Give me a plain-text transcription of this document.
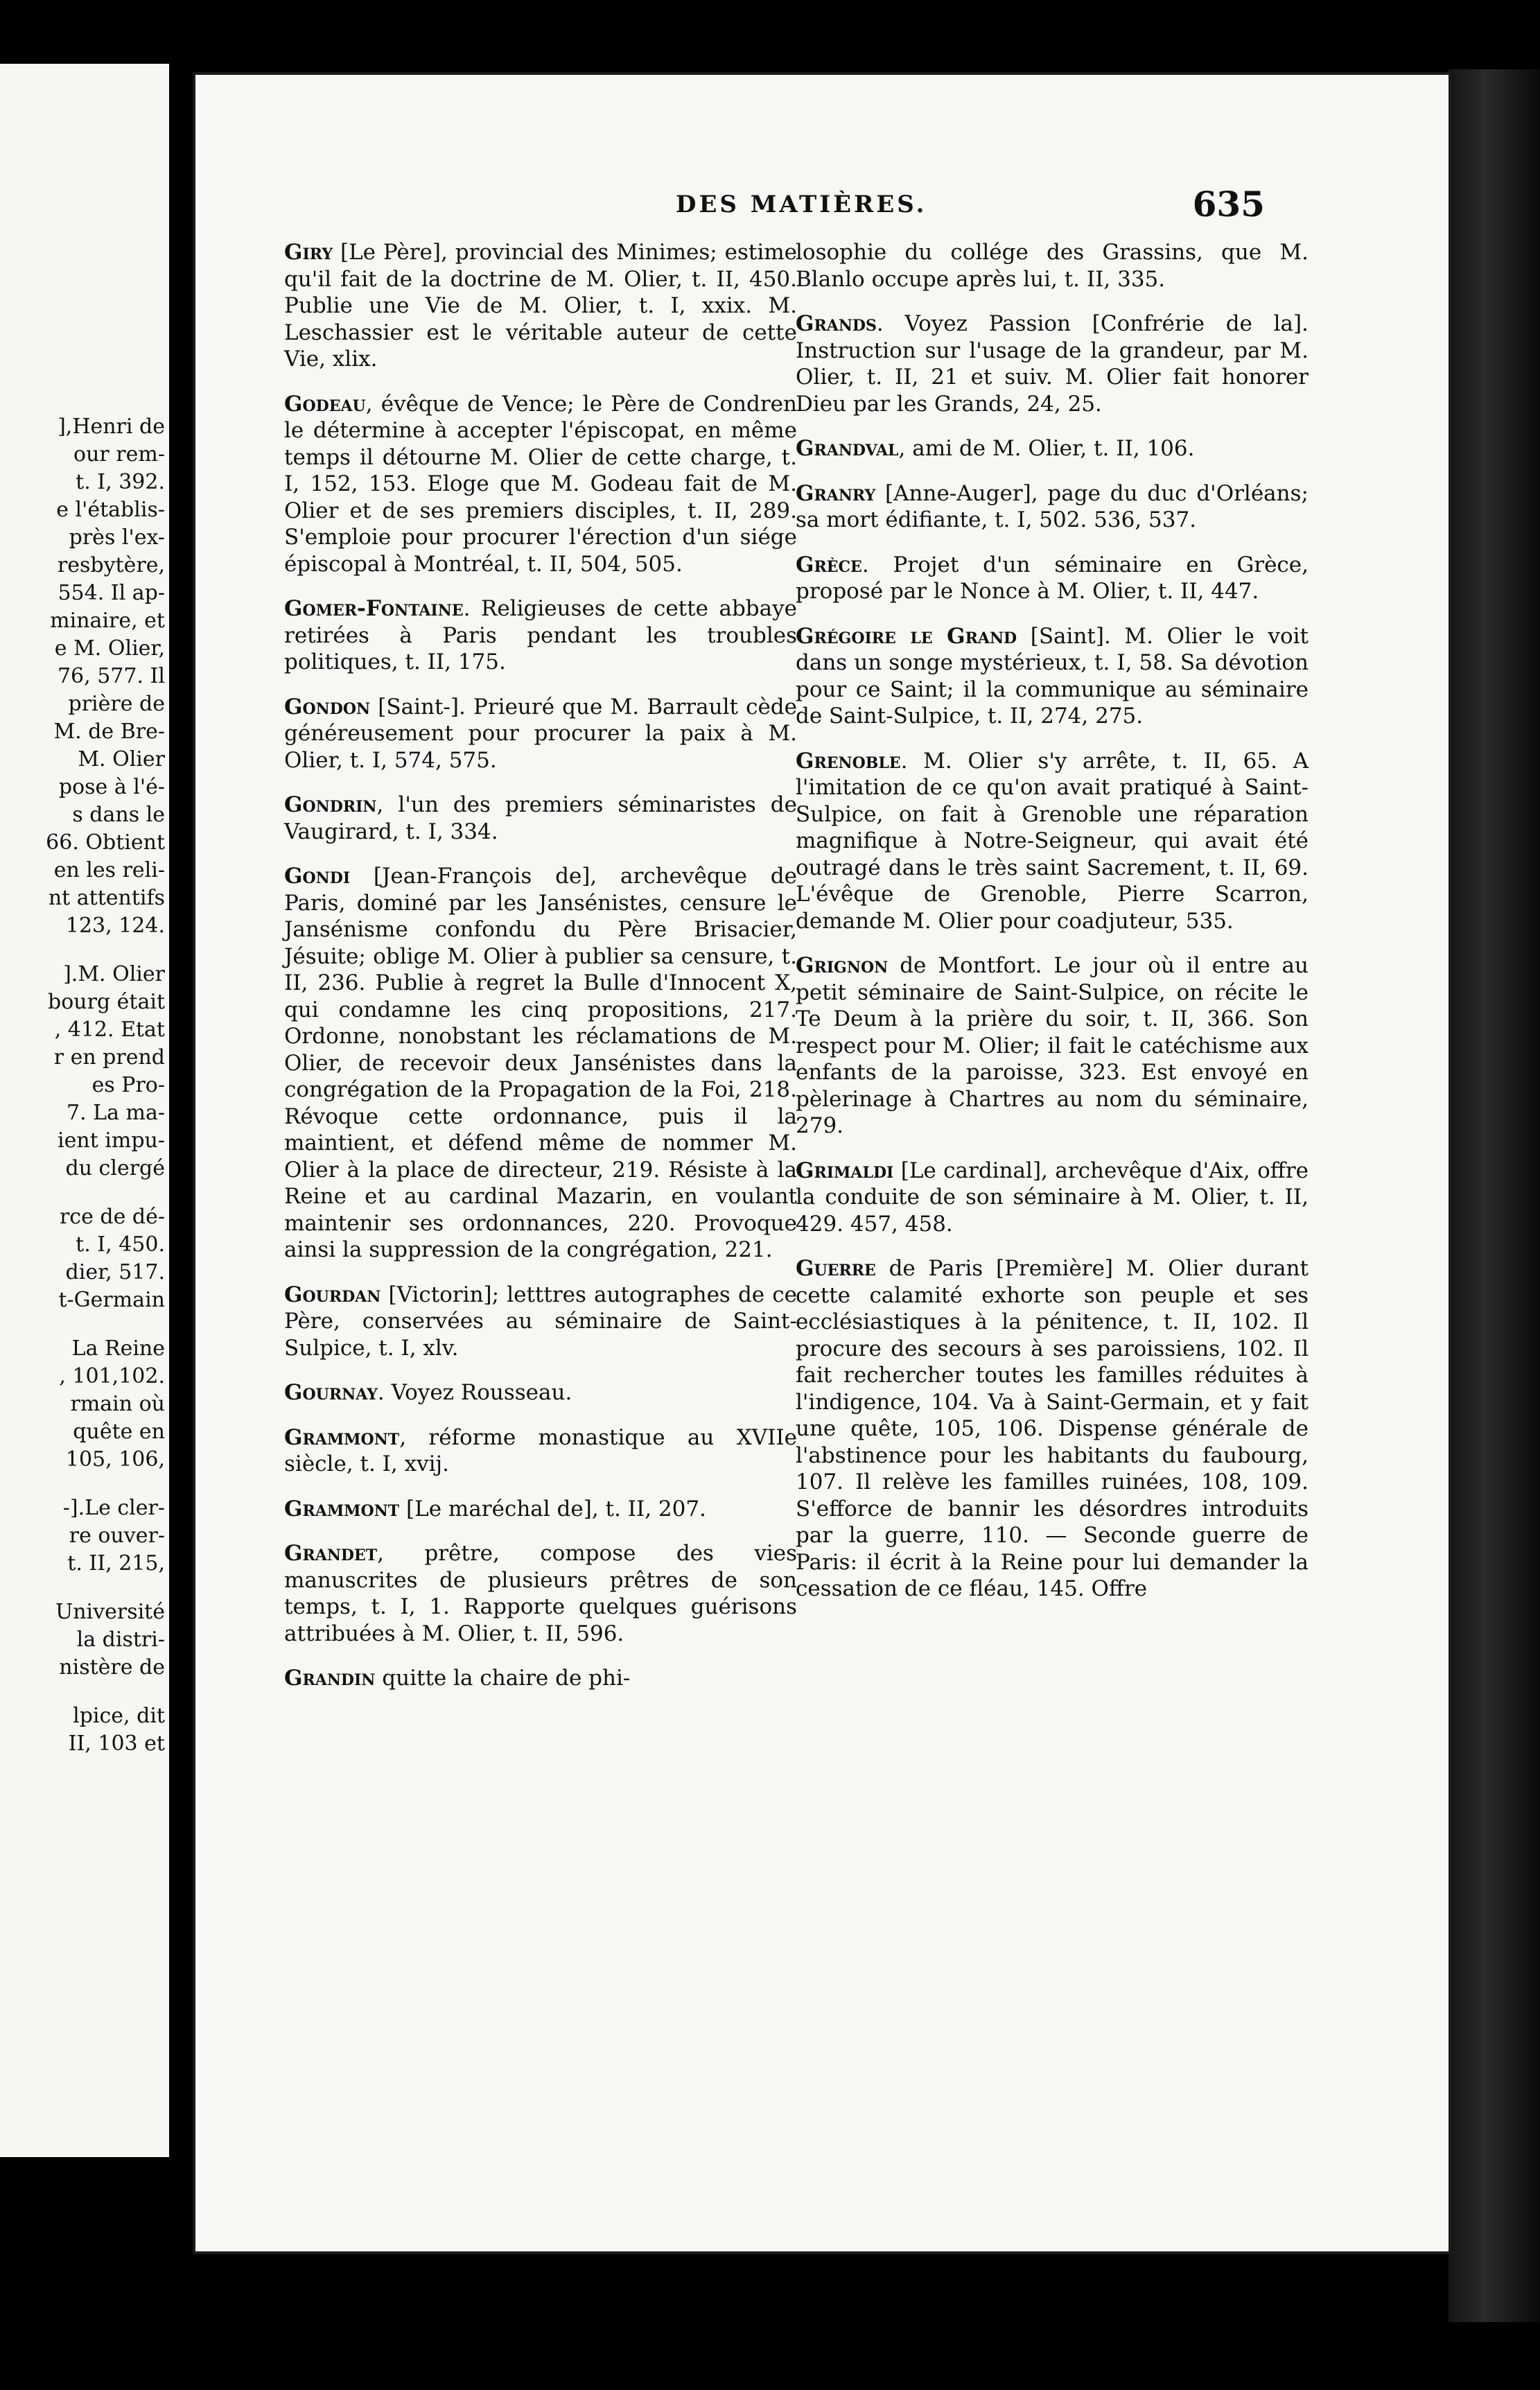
],Henri de
our rem-
t. I, 392.
e l'établis-
près l'ex-
resbytère,
554. Il ap-
minaire, et
e M. Olier,
76, 577. Il
prière de
M. de Bre-
M. Olier
pose à l'é-
s dans le
66. Obtient
en les reli-
nt attentifs
123, 124.
].M. Olier
bourg était
, 412. Etat
r en prend
es Pro-
7. La ma-
ient impu-
du clergé
rce de dé-
t. I, 450.
dier, 517.
t-Germain
La Reine
, 101,102.
rmain où
quête en
105, 106,
-].Le cler-
re ouver-
t. II, 215,
Université
la distri-
nistère de
lpice, dit
II, 103 et
DES MATIÈRES.	635

Giry [Le Père], provincial des Minimes; estime qu'il fait de la doctrine de M. Olier, t. II, 450. Publie une Vie de M. Olier, t. I, xxix. M. Leschassier est le véritable auteur de cette Vie, xlix.

Godeau, évêque de Vence; le Père de Condren le détermine à accepter l'épiscopat, en même temps il détourne M. Olier de cette charge, t. I, 152, 153. Eloge que M. Godeau fait de M. Olier et de ses premiers disciples, t. II, 289. S'emploie pour procurer l'érection d'un siége épiscopal à Montréal, t. II, 504, 505.

Gomer-Fontaine. Religieuses de cette abbaye retirées à Paris pendant les troubles politiques, t. II, 175.

Gondon [Saint-]. Prieuré que M. Barrault cède généreusement pour procurer la paix à M. Olier, t. I, 574, 575.

Gondrin, l'un des premiers séminaristes de Vaugirard, t. I, 334.

Gondi [Jean-François de], archevêque de Paris, dominé par les Jansénistes, censure le Jansénisme confondu du Père Brisacier, Jésuite; oblige M. Olier à publier sa censure, t. II, 236. Publie à regret la Bulle d'Innocent X, qui condamne les cinq propositions, 217. Ordonne, nonobstant les réclamations de M. Olier, de recevoir deux Jansénistes dans la congrégation de la Propagation de la Foi, 218. Révoque cette ordonnance, puis il la maintient, et défend même de nommer M. Olier à la place de directeur, 219. Résiste à la Reine et au cardinal Mazarin, en voulant maintenir ses ordonnances, 220. Provoque ainsi la suppression de la congrégation, 221.

Gourdan [Victorin]; letttres autographes de ce Père, conservées au séminaire de Saint-Sulpice, t. I, xlv.

Gournay. Voyez Rousseau.

Grammont, réforme monastique au XVIIe siècle, t. I, xvij.

Grammont [Le maréchal de], t. II, 207.

Grandet, prêtre, compose des vies manuscrites de plusieurs prêtres de son temps, t. I, 1. Rapporte quelques guérisons attribuées à M. Olier, t. II, 596.

Grandin quitte la chaire de phi-

losophie du collége des Grassins, que M. Blanlo occupe après lui, t. II, 335.

Grands. Voyez Passion [Confrérie de la]. Instruction sur l'usage de la grandeur, par M. Olier, t. II, 21 et suiv. M. Olier fait honorer Dieu par les Grands, 24, 25.

Grandval, ami de M. Olier, t. II, 106.

Granry [Anne-Auger], page du duc d'Orléans; sa mort édifiante, t. I, 502. 536, 537.

Grèce. Projet d'un séminaire en Grèce, proposé par le Nonce à M. Olier, t. II, 447.

Grégoire le Grand [Saint]. M. Olier le voit dans un songe mystérieux, t. I, 58. Sa dévotion pour ce Saint; il la communique au séminaire de Saint-Sulpice, t. II, 274, 275.

Grenoble. M. Olier s'y arrête, t. II, 65. A l'imitation de ce qu'on avait pratiqué à Saint-Sulpice, on fait à Grenoble une réparation magnifique à Notre-Seigneur, qui avait été outragé dans le très saint Sacrement, t. II, 69. L'évêque de Grenoble, Pierre Scarron, demande M. Olier pour coadjuteur, 535.

Grignon de Montfort. Le jour où il entre au petit séminaire de Saint-Sulpice, on récite le Te Deum à la prière du soir, t. II, 366. Son respect pour M. Olier; il fait le catéchisme aux enfants de la paroisse, 323. Est envoyé en pèlerinage à Chartres au nom du séminaire, 279.

Grimaldi [Le cardinal], archevêque d'Aix, offre la conduite de son séminaire à M. Olier, t. II, 429. 457, 458.

Guerre de Paris [Première] M. Olier durant cette calamité exhorte son peuple et ses ecclésiastiques à la pénitence, t. II, 102. Il procure des secours à ses paroissiens, 102. Il fait rechercher toutes les familles réduites à l'indigence, 104. Va à Saint-Germain, et y fait une quête, 105, 106. Dispense générale de l'abstinence pour les habitants du faubourg, 107. Il relève les familles ruinées, 108, 109. S'efforce de bannir les désordres introduits par la guerre, 110. — Seconde guerre de Paris: il écrit à la Reine pour lui demander la cessation de ce fléau, 145. Offre
